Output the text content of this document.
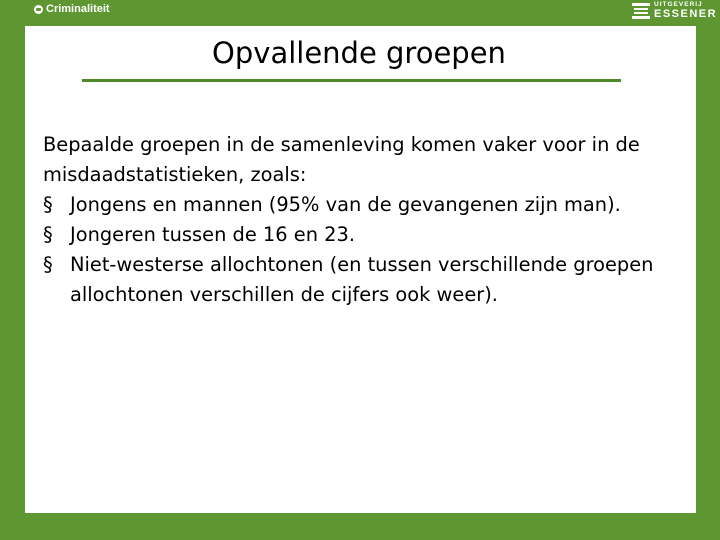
Criminaliteit	UITGEVERIJ
ESSENER
Opvallende groepen

Bepaalde groepen in de samenleving komen vaker voor in de misdaadstatistieken, zoals:

§ Jongens en mannen (95% van de gevangenen zijn man).
§ Jongeren tussen de 16 en 23.
§ Niet-westerse allochtonen (en tussen verschillende groepen allochtonen verschillen de cijfers ook weer).
